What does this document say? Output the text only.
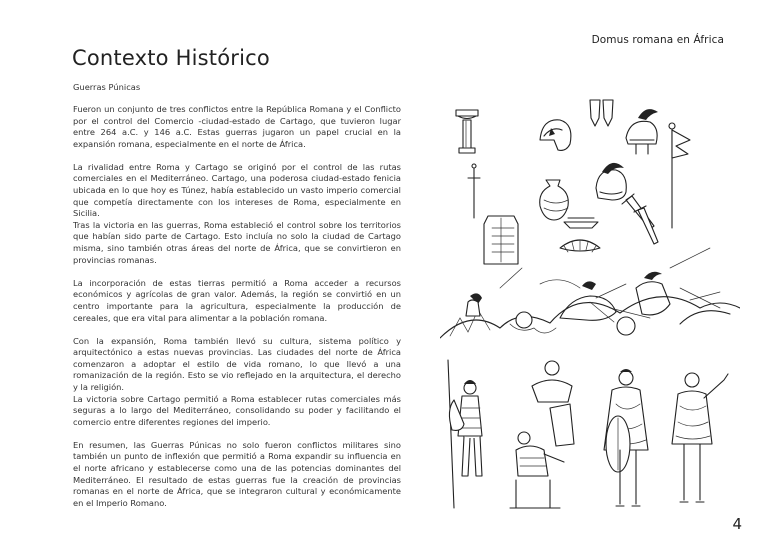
Domus romana en África
Contexto Histórico
Guerras Púnicas

Fueron un conjunto de tres conflictos entre la República Romana y el Conflicto por el control del Comercio -ciudad-estado de Cartago, que tuvieron lugar entre 264 a.C. y 146 a.C. Estas guerras jugaron un papel crucial en la expansión romana, especialmente en el norte de África.

La rivalidad entre Roma y Cartago se originó por el control de las rutas comerciales en el Mediterráneo. Cartago, una poderosa ciudad-estado fenicia ubicada en lo que hoy es Túnez, había establecido un vasto imperio comercial que competía directamente con los intereses de Roma, especialmente en Sicilia.

Tras la victoria en las guerras, Roma estableció el control sobre los territorios que habían sido parte de Cartago. Esto incluía no solo la ciudad de Cartago misma, sino también otras áreas del norte de África, que se convirtieron en provincias romanas.

La incorporación de estas tierras permitió a Roma acceder a recursos económicos y agrícolas de gran valor. Además, la región se convirtió en un centro importante para la agricultura, especialmente la producción de cereales, que era vital para alimentar a la población romana.

Con la expansión, Roma también llevó su cultura, sistema político y arquitectónico a estas nuevas provincias. Las ciudades del norte de África comenzaron a adoptar el estilo de vida romano, lo que llevó a una romanización de la región. Esto se vio reflejado en la arquitectura, el derecho y la religión.

La victoria sobre Cartago permitió a Roma establecer rutas comerciales más seguras a lo largo del Mediterráneo, consolidando su poder y facilitando el comercio entre diferentes regiones del imperio.

En resumen, las Guerras Púnicas no solo fueron conflictos militares sino también un punto de inflexión que permitió a Roma expandir su influencia en el norte africano y establecerse como una de las potencias dominantes del Mediterráneo. El resultado de estas guerras fue la creación de provincias romanas en el norte de África, que se integraron cultural y económicamente en el Imperio Romano.

4
